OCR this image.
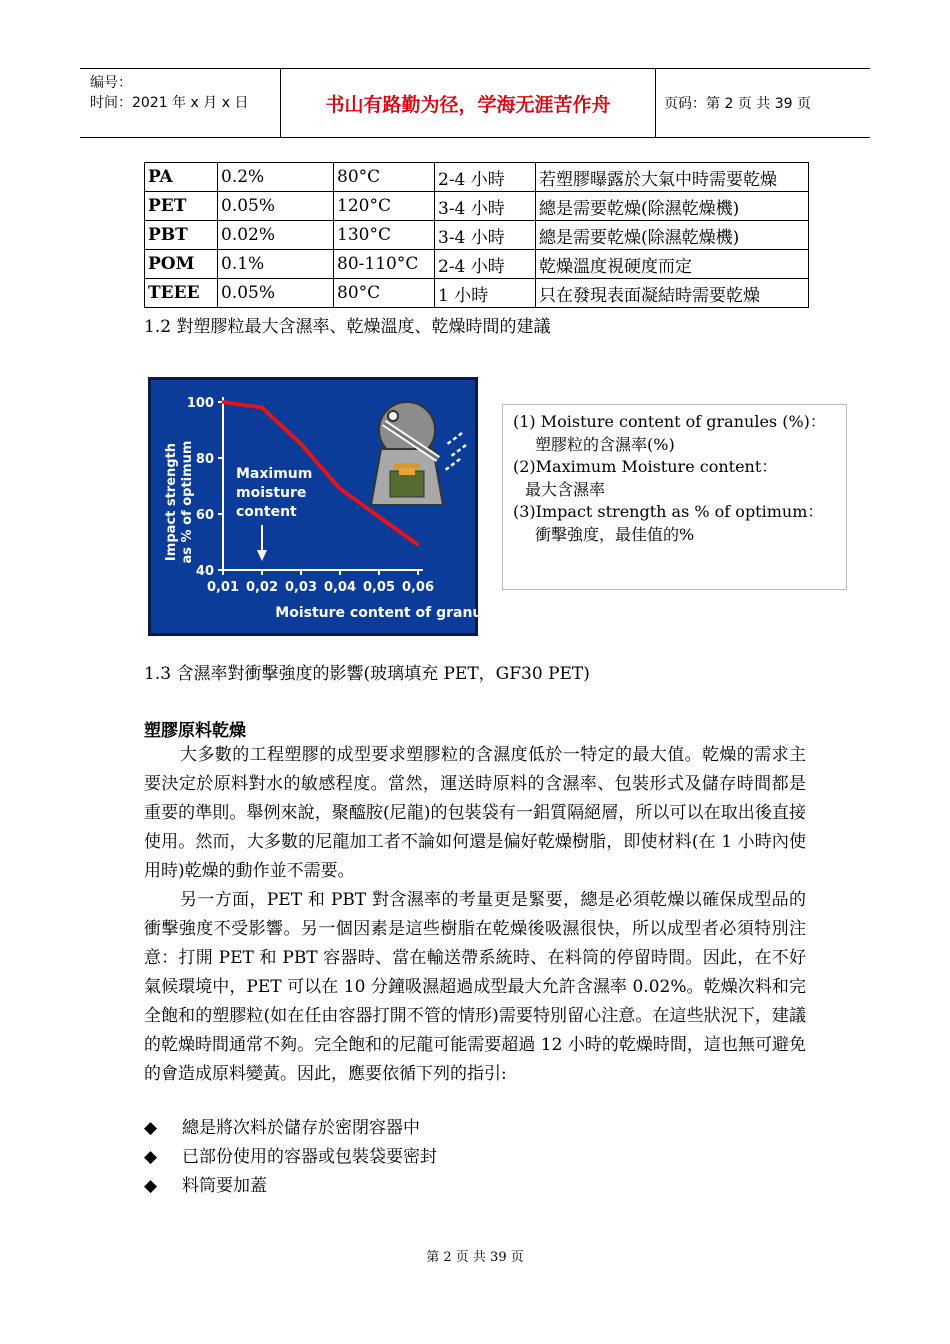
编号：
时间：2021 年 x 月 x 日	书山有路勤为径，学海无涯苦作舟	页码：第 2 页 共 39 页
PA	0.2%	80°C	2-4 小時	若塑膠曝露於大氣中時需要乾燥
PET	0.05%	120°C	3-4 小時	總是需要乾燥(除濕乾燥機)
PBT	0.02%	130°C	3-4 小時	總是需要乾燥(除濕乾燥機)
POM	0.1%	80-110°C	2-4 小時	乾燥溫度視硬度而定
TEEE	0.05%	80°C	1 小時	只在發現表面凝結時需要乾燥
1.2 對塑膠粒最大含濕率、乾燥溫度、乾燥時間的建議
40
60
80
100
0,01 0,02 0,03 0,04 0,05 0,06
Moisture content of granules (%)
Impact strength as % of optimum	Maximum
moisture
content
(1) Moisture content of granules (%)：
塑膠粒的含濕率(%)
(2)Maximum Moisture content：
最大含濕率
(3)Impact strength as % of optimum：
衝擊強度，最佳值的%
1.3 含濕率對衝擊強度的影響(玻璃填充 PET，GF30 PET)
塑膠原料乾燥

大多數的工程塑膠的成型要求塑膠粒的含濕度低於一特定的最大值。乾燥的需求主要決定於原料對水的敏感程度。當然，運送時原料的含濕率、包裝形式及儲存時間都是重要的準則。舉例來說，聚醯胺(尼龍)的包裝袋有一鋁質隔絕層，所以可以在取出後直接使用。然而，大多數的尼龍加工者不論如何還是偏好乾燥樹脂，即使材料(在 1 小時內使用時)乾燥的動作並不需要。

另一方面，PET 和 PBT 對含濕率的考量更是緊要，總是必須乾燥以確保成型品的衝擊強度不受影響。另一個因素是這些樹脂在乾燥後吸濕很快，所以成型者必須特別注意：打開 PET 和 PBT 容器時、當在輸送帶系統時、在料筒的停留時間。因此，在不好氣候環境中，PET 可以在 10 分鐘吸濕超過成型最大允許含濕率 0.02%。乾燥次料和完全飽和的塑膠粒(如在任由容器打開不管的情形)需要特別留心注意。在這些狀況下，建議的乾燥時間通常不夠。完全飽和的尼龍可能需要超過 12 小時的乾燥時間，這也無可避免的會造成原料變黃。因此，應要依循下列的指引:

◆ 總是將次料於儲存於密閉容器中
◆ 已部份使用的容器或包裝袋要密封
◆ 料筒要加蓋
第 2 页 共 39 页
